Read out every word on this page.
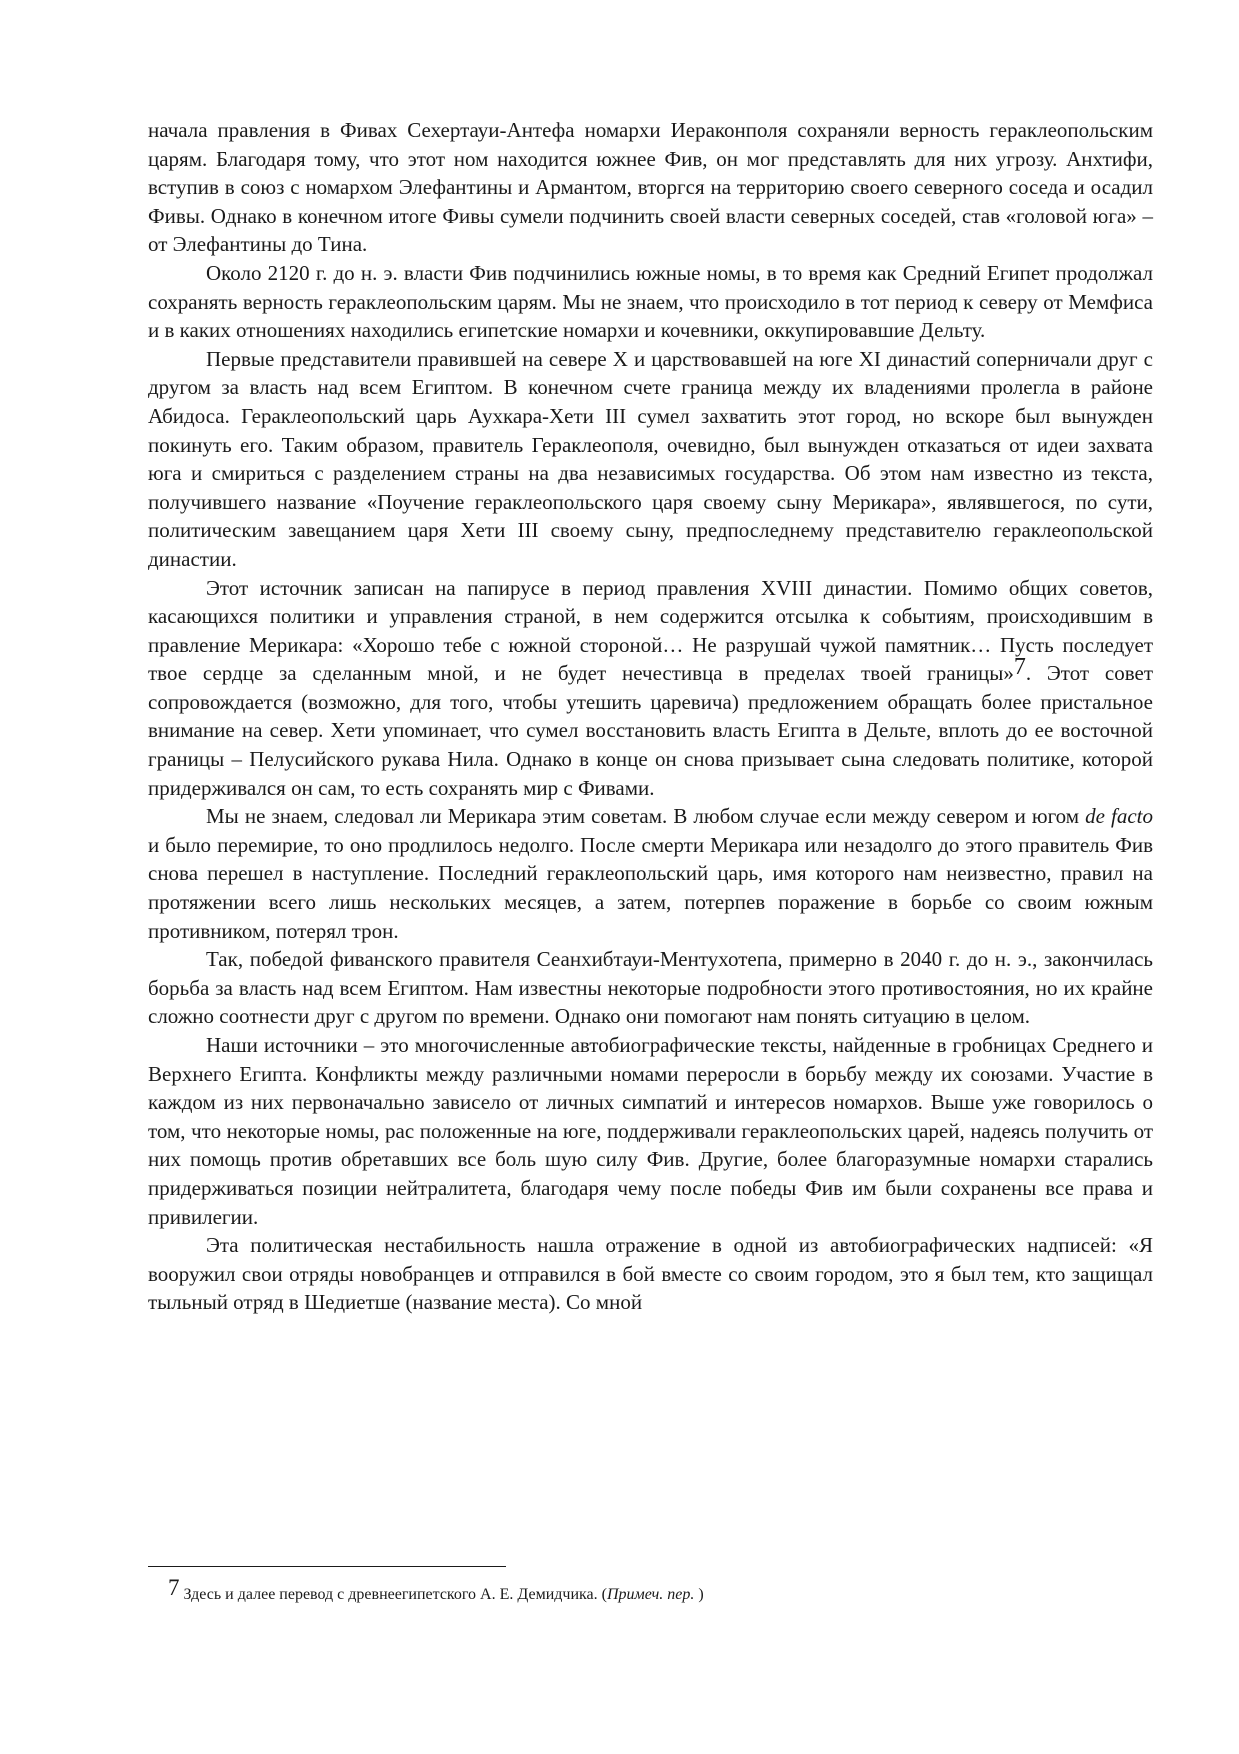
начала правления в Фивах Сехертауи-Антефа номархи Иераконполя сохраняли верность гераклеопольским царям. Благодаря тому, что этот ном находится южнее Фив, он мог представлять для них угрозу. Анхтифи, вступив в союз с номархом Элефантины и Армантом, вторгся на территорию своего северного соседа и осадил Фивы. Однако в конечном итоге Фивы сумели подчинить своей власти северных соседей, став «головой юга» – от Элефантины до Тина.

Около 2120 г. до н. э. власти Фив подчинились южные номы, в то время как Средний Египет продолжал сохранять верность гераклеопольским царям. Мы не знаем, что происходило в тот период к северу от Мемфиса и в каких отношениях находились египетские номархи и кочевники, оккупировавшие Дельту.

Первые представители правившей на севере X и царствовавшей на юге XI династий соперничали друг с другом за власть над всем Египтом. В конечном счете граница между их владениями пролегла в районе Абидоса. Гераклеопольский царь Аухкара-Хети III сумел захватить этот город, но вскоре был вынужден покинуть его. Таким образом, правитель Гераклеополя, очевидно, был вынужден отказаться от идеи захвата юга и смириться с разделением страны на два независимых государства. Об этом нам известно из текста, получившего название «Поучение гераклеопольского царя своему сыну Мерикара», являвшегося, по сути, политическим завещанием царя Хети III своему сыну, предпоследнему представителю гераклеопольской династии.

Этот источник записан на папирусе в период правления XVIII династии. Помимо общих советов, касающихся политики и управления страной, в нем содержится отсылка к событиям, происходившим в правление Мерикара: «Хорошо тебе с южной стороной… Не разрушай чужой памятник… Пусть последует твое сердце за сделанным мной, и не будет нечестивца в пределах твоей границы»$^7$. Этот совет сопровождается (возможно, для того, чтобы утешить царевича) предложением обращать более пристальное внимание на север. Хети упоминает, что сумел восстановить власть Египта в Дельте, вплоть до ее восточной границы – Пелусийского рукава Нила. Однако в конце он снова призывает сына следовать политике, которой придерживался он сам, то есть сохранять мир с Фивами.

Мы не знаем, следовал ли Мерикара этим советам. В любом случае если между севером и югом de facto и было перемирие, то оно продлилось недолго. После смерти Мерикара или незадолго до этого правитель Фив снова перешел в наступление. Последний гераклеопольский царь, имя которого нам неизвестно, правил на протяжении всего лишь нескольких месяцев, а затем, потерпев поражение в борьбе со своим южным противником, потерял трон.

Так, победой фиванского правителя Сеанхибтауи-Ментухотепа, примерно в 2040 г. до н. э., закончилась борьба за власть над всем Египтом. Нам известны некоторые подробности этого противостояния, но их крайне сложно соотнести друг с другом по времени. Однако они помогают нам понять ситуацию в целом.

Наши источники – это многочисленные автобиографические тексты, найденные в гробницах Среднего и Верхнего Египта. Конфликты между различными номами переросли в борьбу между их союзами. Участие в каждом из них первоначально зависело от личных симпатий и интересов номархов. Выше уже говорилось о том, что некоторые номы, рас положенные на юге, поддерживали гераклеопольских царей, надеясь получить от них помощь против обретавших все боль шую силу Фив. Другие, более благоразумные номархи старались придерживаться позиции нейтралитета, благодаря чему после победы Фив им были сохранены все права и привилегии.

Эта политическая нестабильность нашла отражение в одной из автобиографических надписей: «Я вооружил свои отряды новобранцев и отправился в бой вместе со своим городом, это я был тем, кто защищал тыльный отряд в Шедиетше (название места). Со мной

7 Здесь и далее перевод с древнеегипетского А. Е. Демидчика. (Примеч. пер. )
